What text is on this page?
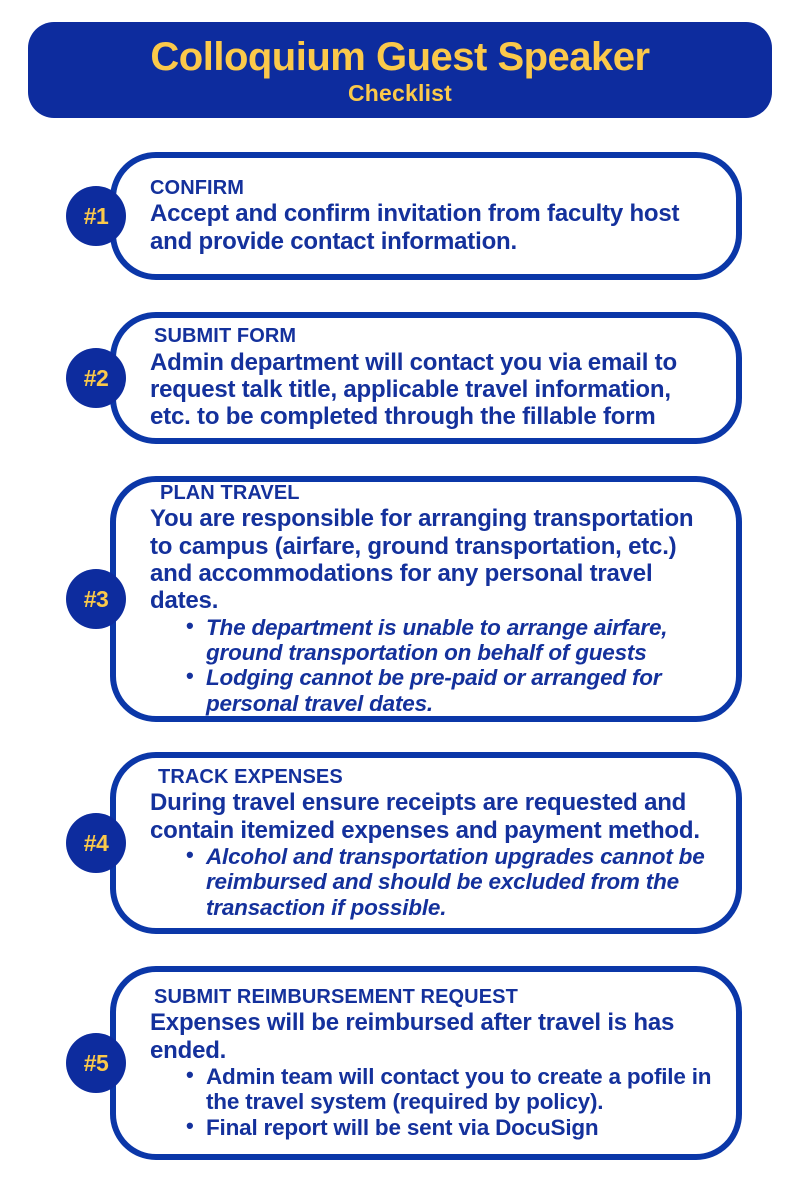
Colloquium Guest Speaker
Checklist
CONFIRM
Accept and confirm invitation from faculty host and provide contact information.
#1
SUBMIT FORM
Admin department will contact you via email to request talk title, applicable travel information, etc. to be completed through the fillable form
#2
PLAN TRAVEL
You are responsible for arranging transportation to campus (airfare, ground transportation, etc.) and accommodations for any personal travel dates.
• The department is unable to arrange airfare, ground transportation on behalf of guests
• Lodging cannot be pre-paid or arranged for personal travel dates.
#3
TRACK EXPENSES
During travel ensure receipts are requested and contain itemized expenses and payment method.
• Alcohol and transportation upgrades cannot be reimbursed and should be excluded from the transaction if possible.
#4
SUBMIT REIMBURSEMENT REQUEST
Expenses will be reimbursed after travel is has ended.
• Admin team will contact you to create a pofile in the travel system (required by policy).
• Final report will be sent via DocuSign
#5
